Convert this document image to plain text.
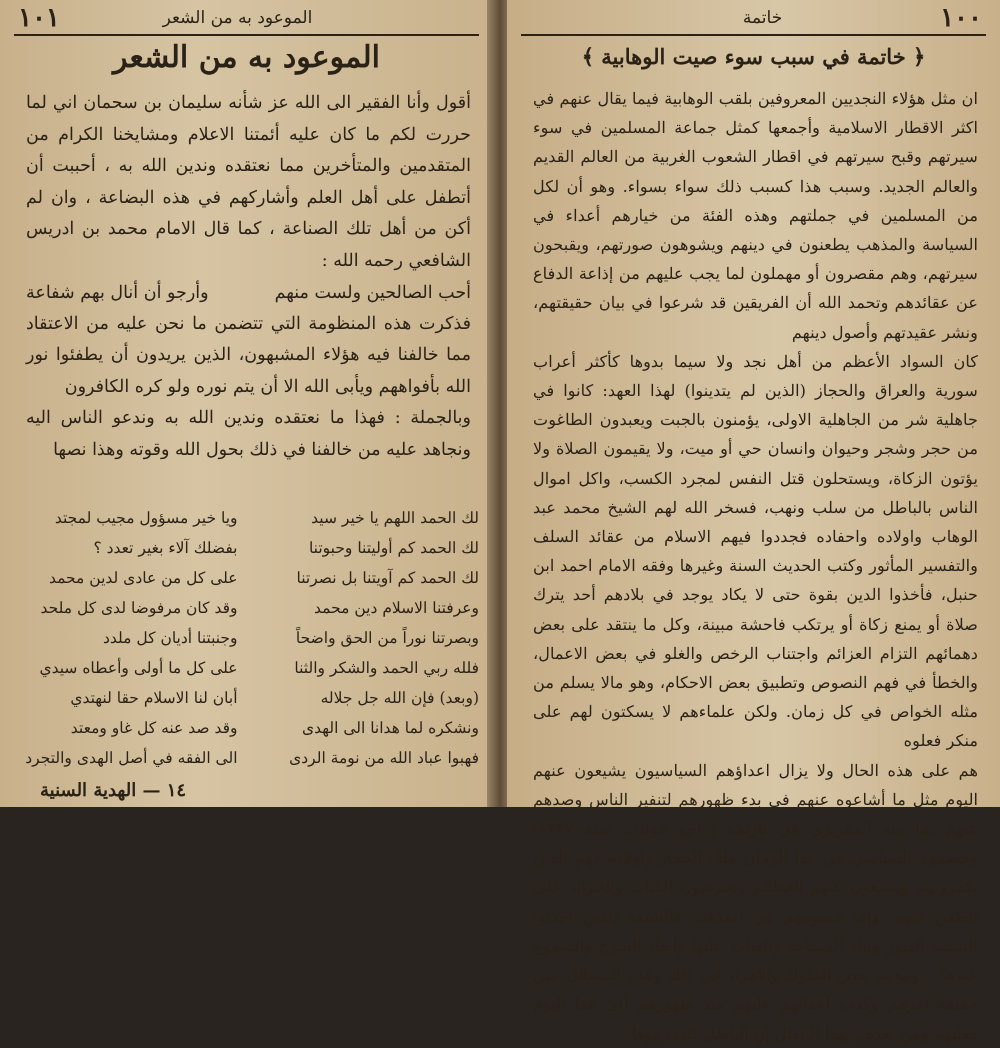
١٠١	الموعود به من الشعر
الموعود به من الشعر

أقول وأنا الفقير الى الله عز شأنه سليمان بن سحمان اني لما حررت لكم ما كان عليه أئمتنا الاعلام ومشايخنا الكرام من المتقدمين والمتأخرين مما نعتقده وندين الله به ، أحببت أن أتطفل على أهل العلم وأشاركهم في هذه البضاعة ، وان لم أكن من أهل تلك الصناعة ، كما قال الامام محمد بن ادريس الشافعي رحمه الله :

أحب الصالحين ولست منهم
وأرجو أن أنال بهم شفاعة

فذكرت هذه المنظومة التي تتضمن ما نحن عليه من الاعتقاد مما خالفنا فيه هؤلاء المشبهون، الذين يريدون أن يطفئوا نور الله بأفواههم ويأبى الله الا أن يتم نوره ولو كره الكافرون

وبالجملة : فهذا ما نعتقده وندين الله به وندعو الناس اليه ونجاهد عليه من خالفنا في ذلك بحول الله وقوته وهذا نصها

لك الحمد اللهم يا خير سيد
لك الحمد كم أوليتنا وحبوتنا
لك الحمد كم آويتنا بل نصرتنا
وعرفتنا الاسلام دين محمد
وبصرتنا نوراً من الحق واضحاً
فلله ربي الحمد والشكر والثنا
(وبعد) فإن الله جل جلاله
ونشكره لما هدانا الى الهدى
فهبوا عباد الله من نومة الردى
ويا خير مسؤول مجيب لمجتد
بفضلك آلاء بغير تعدد ؟
على كل من عادى لدين محمد
وقد كان مرفوضا لدى كل ملحد
وجنبتنا أديان كل ملدد
على كل ما أولى وأعطاه سيدي
أبان لنا الاسلام حقا لنهتدي
وقد صد عنه كل غاو ومعتد
الى الفقه في أصل الهدى والتجرد
١٤ — الهدية السنية
خاتمة	١٠٠
﴿ خاتمة في سبب سوء صيت الوهابية ﴾

ان مثل هؤلاء النجديين المعروفين بلقب الوهابية فيما يقال عنهم في اكثر الاقطار الاسلامية وأجمعها كمثل جماعة المسلمين في سوء سيرتهم وقبح سيرتهم في اقطار الشعوب الغربية من العالم القديم والعالم الجديد. وسبب هذا كسبب ذلك سواء بسواء. وهو أن لكل من المسلمين في جملتهم وهذه الفئة من خيارهم أعداء في السياسة والمذهب يطعنون في دينهم ويشوهون صورتهم، ويقبحون سيرتهم، وهم مقصرون أو مهملون لما يجب عليهم من إذاعة الدفاع عن عقائدهم وتحمد الله أن الفريقين قد شرعوا في بيان حقيقتهم، ونشر عقيدتهم وأصول دينهم

كان السواد الأعظم من أهل نجد ولا سيما بدوها كأكثر أعراب سورية والعراق والحجاز (الذين لم يتدينوا) لهذا العهد: كانوا في جاهلية شر من الجاهلية الاولى، يؤمنون بالجبت ويعبدون الطاغوت من حجر وشجر وحيوان وانسان حي أو ميت، ولا يقيمون الصلاة ولا يؤتون الزكاة، ويستحلون قتل النفس لمجرد الكسب، واكل اموال الناس بالباطل من سلب ونهب، فسخر الله لهم الشيخ محمد عبد الوهاب واولاده واحفاده فجددوا فيهم الاسلام من عقائد السلف والتفسير المأثور وكتب الحديث السنة وغيرها وفقه الامام احمد ابن حنبل، فأخذوا الدين بقوة حتى لا يكاد يوجد في بلادهم أحد يترك صلاة أو يمنع زكاة أو يرتكب فاحشة مبينة، وكل ما ينتقد على بعض دهمائهم التزام العزائم واجتناب الرخص والغلو في بعض الاعمال، والخطأ في فهم النصوص وتطبيق بعض الاحكام، وهو مالا يسلم من مثله الخواص في كل زمان. ولكن علماءهم لا يسكتون لهم على منكر فعلوه

هم على هذه الحال ولا يزال اعداؤهم السياسيون يشيعون عنهم اليوم مثل ما أشاعوه عنهم في بدء ظهورهم لتنفير الناس وصدهم عنهم بما بينه المقريزي في تاريخه (راجع حوادث سنة ١٢٢٧) وخصمهم السياسي في هذا الزمان ملك الحجاز واولاده فهم الذين يكفرونهم ويشيعون عنهم العظائم ويحرضون الكتاب والجرائد على الطعن فيهم، وإما خصومهم في المذهب فالشيعة الذين احدثوا التشييد القبور وبناء المساجد والقباب عليها وايقاد السرج والشموع عندها... وتبعهم بعض الملوك والامراء في ذلك وهذه المسائل تبين حقيقة امرهم وكذب اعدائهم عليهم منذ ظهورهم الى هذا اليوم فعليهم ومن بعدهم بهذا الباطل إن الباطل كان زهوقا
